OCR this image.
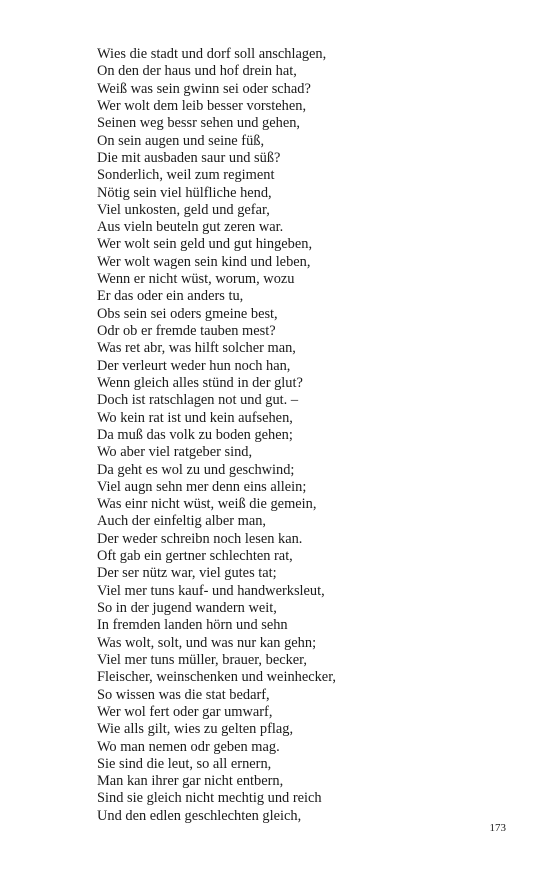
Wies die stadt und dorf soll anschlagen,
On den der haus und hof drein hat,
Weiß was sein gwinn sei oder schad?
Wer wolt dem leib besser vorstehen,
Seinen weg bessr sehen und gehen,
On sein augen und seine füß,
Die mit ausbaden saur und süß?
Sonderlich, weil zum regiment
Nötig sein viel hülfliche hend,
Viel unkosten, geld und gefar,
Aus vieln beuteln gut zeren war.
Wer wolt sein geld und gut hingeben,
Wer wolt wagen sein kind und leben,
Wenn er nicht wüst, worum, wozu
Er das oder ein anders tu,
Obs sein sei oders gmeine best,
Odr ob er fremde tauben mest?
Was ret abr, was hilft solcher man,
Der verleurt weder hun noch han,
Wenn gleich alles stünd in der glut?
Doch ist ratschlagen not und gut. –
Wo kein rat ist und kein aufsehen,
Da muß das volk zu boden gehen;
Wo aber viel ratgeber sind,
Da geht es wol zu und geschwind;
Viel augn sehn mer denn eins allein;
Was einr nicht wüst, weiß die gemein,
Auch der einfeltig alber man,
Der weder schreibn noch lesen kan.
Oft gab ein gertner schlechten rat,
Der ser nütz war, viel gutes tat;
Viel mer tuns kauf- und handwerksleut,
So in der jugend wandern weit,
In fremden landen hörn und sehn
Was wolt, solt, und was nur kan gehn;
Viel mer tuns müller, brauer, becker,
Fleischer, weinschenken und weinhecker,
So wissen was die stat bedarf,
Wer wol fert oder gar umwarf,
Wie alls gilt, wies zu gelten pflag,
Wo man nemen odr geben mag.
Sie sind die leut, so all ernern,
Man kan ihrer gar nicht entbern,
Sind sie gleich nicht mechtig und reich
Und den edlen geschlechten gleich,
173
